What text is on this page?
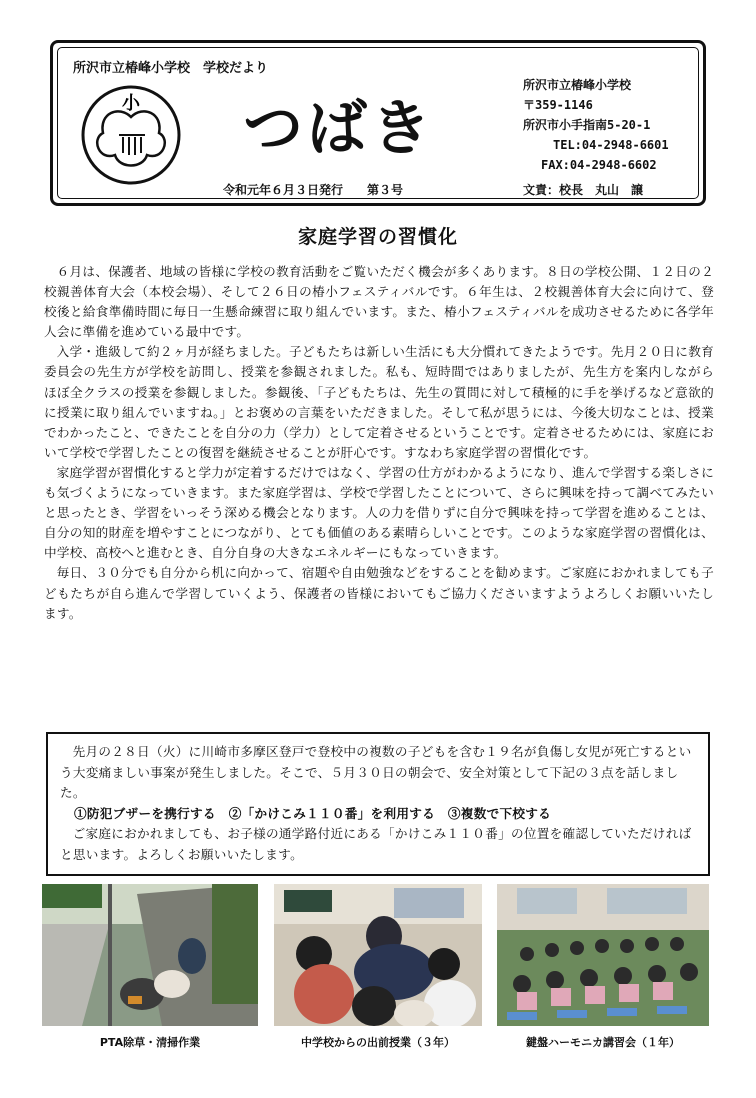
所沢市立椿峰小学校　学校だより
小 つばき
令和元年６月３日発行　　 第３号
所沢市立椿峰小学校
〒359-1146
所沢市小手指南5-20-1
TEL:04-2948-6601
FAX:04-2948-6602
文責：校長　丸山　譲
家庭学習の習慣化

６月は、保護者、地域の皆様に学校の教育活動をご覧いただく機会が多くあります。８日の学校公開、１２日の２校親善体育大会（本校会場）、そして２６日の椿小フェスティバルです。６年生は、２校親善体育大会に向けて、登校後と給食準備時間に毎日一生懸命練習に取り組んでいます。また、椿小フェスティバルを成功させるために各学年人会に準備を進めている最中です。

入学・進級して約２ヶ月が経ちました。子どもたちは新しい生活にも大分慣れてきたようです。先月２０日に教育委員会の先生方が学校を訪問し、授業を参観されました。私も、短時間ではありましたが、先生方を案内しながらほぼ全クラスの授業を参観しました。参観後、「子どもたちは、先生の質問に対して積極的に手を挙げるなど意欲的に授業に取り組んでいますね。」とお褒めの言葉をいただきました。そして私が思うには、今後大切なことは、授業でわかったこと、できたことを自分の力（学力）として定着させるということです。定着させるためには、家庭において学校で学習したことの復習を継続させることが肝心です。すなわち家庭学習の習慣化です。

家庭学習が習慣化すると学力が定着するだけではなく、学習の仕方がわかるようになり、進んで学習する楽しさにも気づくようになっていきます。また家庭学習は、学校で学習したことについて、さらに興味を持って調べてみたいと思ったとき、学習をいっそう深める機会となります。人の力を借りずに自分で興味を持って学習を進めることは、自分の知的財産を増やすことにつながり、とても価値のある素晴らしいことです。このような家庭学習の習慣化は、中学校、高校へと進むとき、自分自身の大きなエネルギーにもなっていきます。

毎日、３０分でも自分から机に向かって、宿題や自由勉強などをすることを勧めます。ご家庭におかれましても子どもたちが自ら進んで学習していくよう、保護者の皆様においてもご協力くださいますようよろしくお願いいたします。

先月の２８日（火）に川崎市多摩区登戸で登校中の複数の子どもを含む１９名が負傷し女児が死亡するという大変痛ましい事案が発生しました。そこで、５月３０日の朝会で、安全対策として下記の３点を話しました。

①防犯ブザーを携行する　②「かけこみ１１０番」を利用する　③複数で下校する

ご家庭におかれましても、お子様の通学路付近にある「かけこみ１１０番」の位置を確認していただければと思います。よろしくお願いいたします。

PTA除草・清掃作業	中学校からの出前授業（３年）	鍵盤ハーモニカ講習会（１年）
